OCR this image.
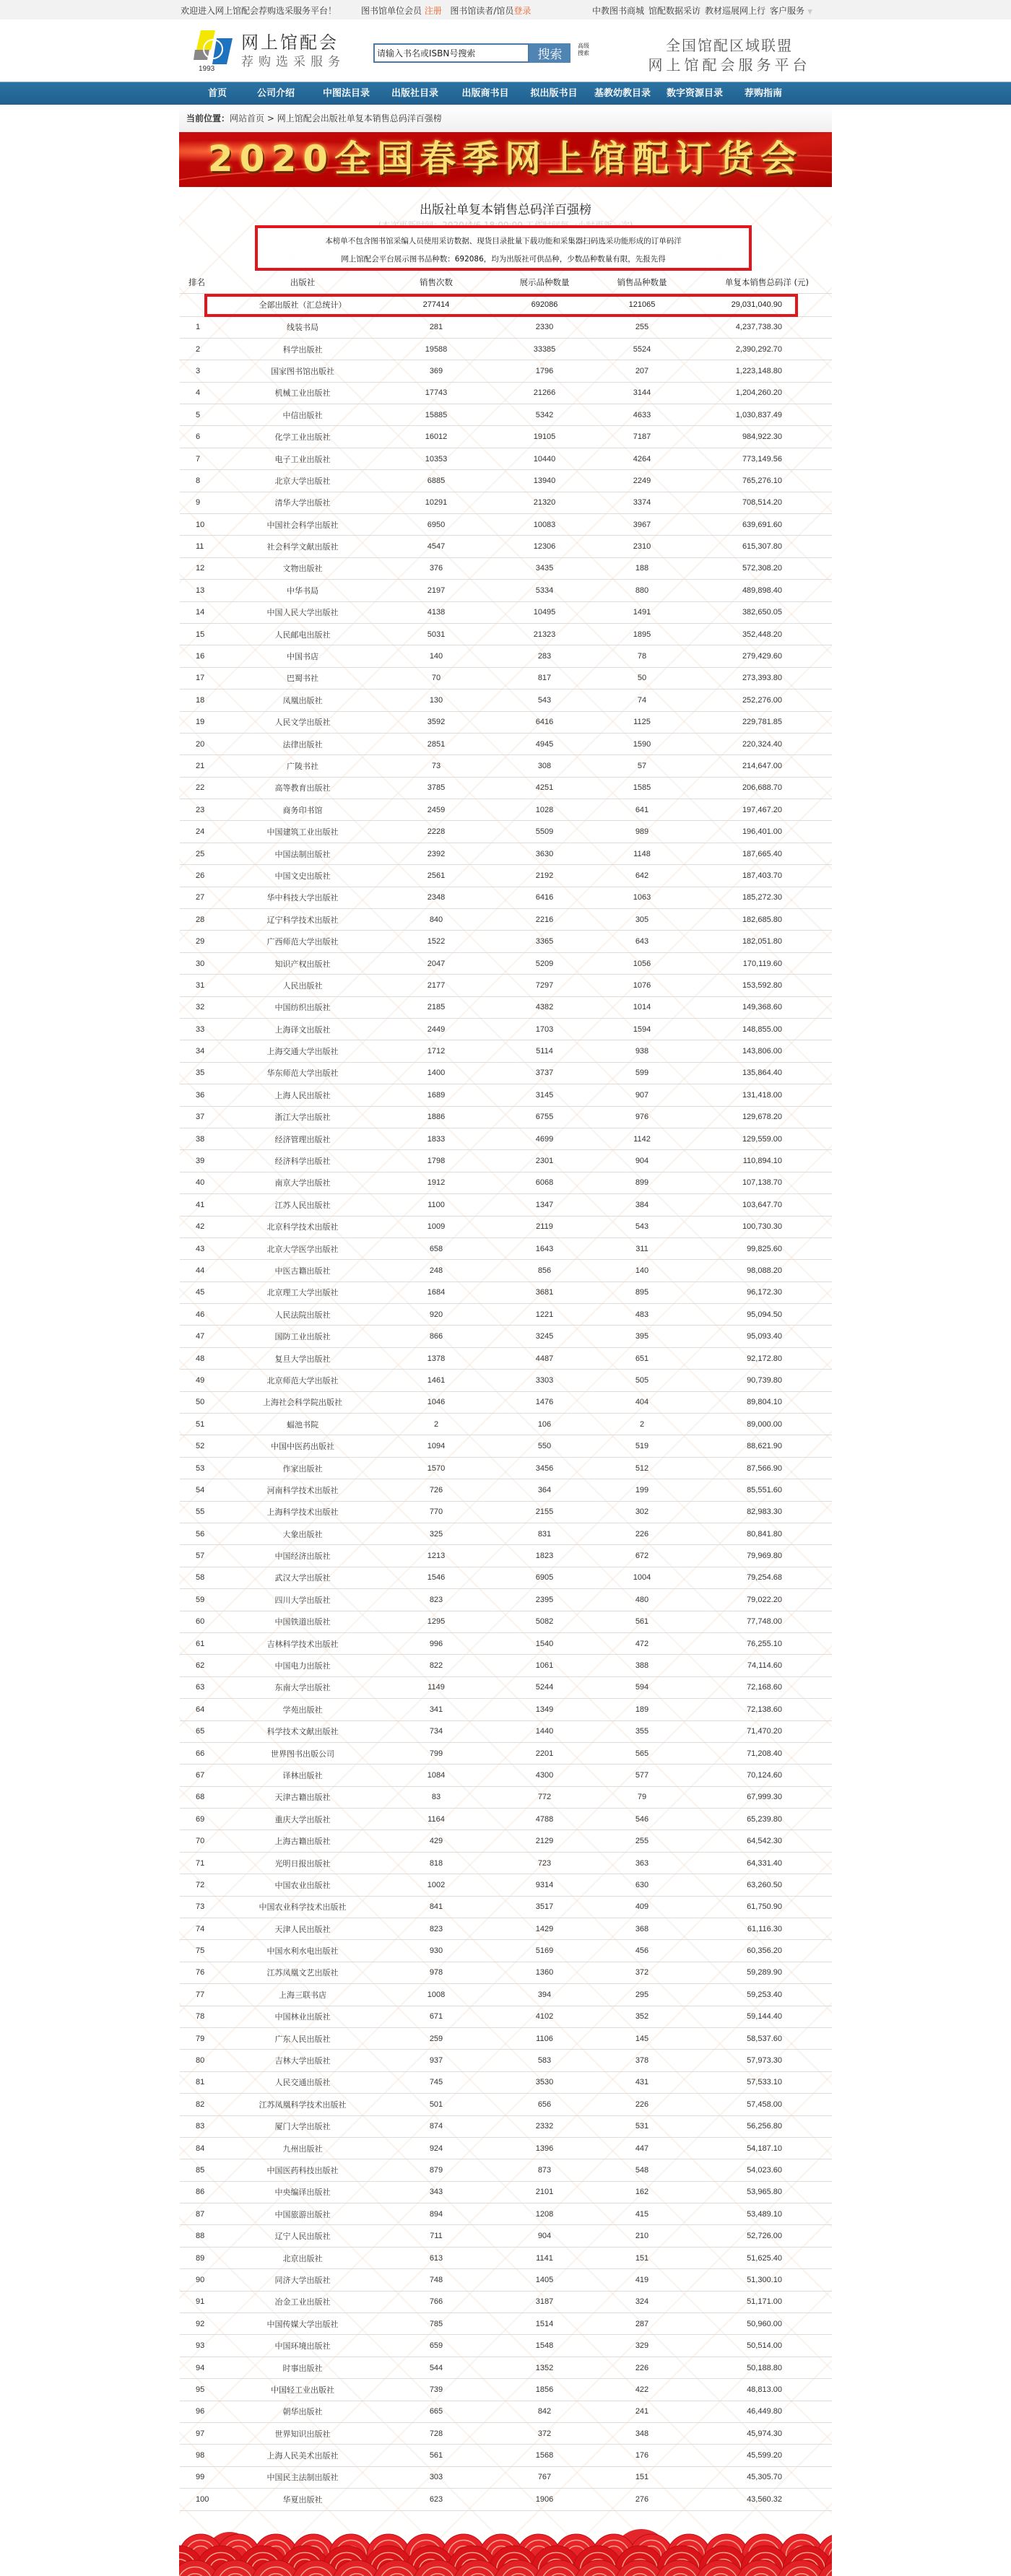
欢迎进入网上馆配会荐购选采服务平台！	图书馆单位会员 注册 图书馆读者/馆员登录	中教图书商城 馆配数据采访 教材巡展网上行 客户服务 ▼
1993
网上馆配会
荐购选采服务
请输入书名或ISBN号搜索	搜索
高级搜索	全国馆配区域联盟
网上馆配会服务平台
首页	公司介绍	中图法目录	出版社目录	出版商书目	拟出版书目	基教幼教目录	数字资源目录	荐购指南
当前位置：网站首页 > 网上馆配会出版社单复本销售总码洋百强榜
2020全国春季网上馆配订货会
出版社单复本销售总码洋百强榜

本榜单不包含图书馆采编人员使用采访数据、现货目录批量下载功能和采集器扫码选采功能形成的订单码洋

网上馆配会平台展示图书品种数：692086，均为出版社可供品种，少数品种数量有限，先报先得

排名	出版社	销售次数	展示品种数量	销售品种数量	单复本销售总码洋 (元)
	全部出版社（汇总统计）	277414	692086	121065	29,031,040.90
1	线装书局	281	2330	255	4,237,738.30
2	科学出版社	19588	33385	5524	2,390,292.70
3	国家图书馆出版社	369	1796	207	1,223,148.80
4	机械工业出版社	17743	21266	3144	1,204,260.20
5	中信出版社	15885	5342	4633	1,030,837.49
6	化学工业出版社	16012	19105	7187	984,922.30
7	电子工业出版社	10353	10440	4264	773,149.56
8	北京大学出版社	6885	13940	2249	765,276.10
9	清华大学出版社	10291	21320	3374	708,514.20
10	中国社会科学出版社	6950	10083	3967	639,691.60
11	社会科学文献出版社	4547	12306	2310	615,307.80
12	文物出版社	376	3435	188	572,308.20
13	中华书局	2197	5334	880	489,898.40
14	中国人民大学出版社	4138	10495	1491	382,650.05
15	人民邮电出版社	5031	21323	1895	352,448.20
16	中国书店	140	283	78	279,429.60
17	巴蜀书社	70	817	50	273,393.80
18	凤凰出版社	130	543	74	252,276.00
19	人民文学出版社	3592	6416	1125	229,781.85
20	法律出版社	2851	4945	1590	220,324.40
21	广陵书社	73	308	57	214,647.00
22	高等教育出版社	3785	4251	1585	206,688.70
23	商务印书馆	2459	1028	641	197,467.20
24	中国建筑工业出版社	2228	5509	989	196,401.00
25	中国法制出版社	2392	3630	1148	187,665.40
26	中国文史出版社	2561	2192	642	187,403.70
27	华中科技大学出版社	2348	6416	1063	185,272.30
28	辽宁科学技术出版社	840	2216	305	182,685.80
29	广西师范大学出版社	1522	3365	643	182,051.80
30	知识产权出版社	2047	5209	1056	170,119.60
31	人民出版社	2177	7297	1076	153,592.80
32	中国纺织出版社	2185	4382	1014	149,368.60
33	上海译文出版社	2449	1703	1594	148,855.00
34	上海交通大学出版社	1712	5114	938	143,806.00
35	华东师范大学出版社	1400	3737	599	135,864.40
36	上海人民出版社	1689	3145	907	131,418.00
37	浙江大学出版社	1886	6755	976	129,678.20
38	经济管理出版社	1833	4699	1142	129,559.00
39	经济科学出版社	1798	2301	904	110,894.10
40	南京大学出版社	1912	6068	899	107,138.70
41	江苏人民出版社	1100	1347	384	103,647.70
42	北京科学技术出版社	1009	2119	543	100,730.30
43	北京大学医学出版社	658	1643	311	99,825.60
44	中医古籍出版社	248	856	140	98,088.20
45	北京理工大学出版社	1684	3681	895	96,172.30
46	人民法院出版社	920	1221	483	95,094.50
47	国防工业出版社	866	3245	395	95,093.40
48	复旦大学出版社	1378	4487	651	92,172.80
49	北京师范大学出版社	1461	3303	505	90,739.80
50	上海社会科学院出版社	1046	1476	404	89,804.10
51	蝠池书院	2	106	2	89,000.00
52	中国中医药出版社	1094	550	519	88,621.90
53	作家出版社	1570	3456	512	87,566.90
54	河南科学技术出版社	726	364	199	85,551.60
55	上海科学技术出版社	770	2155	302	82,983.30
56	大象出版社	325	831	226	80,841.80
57	中国经济出版社	1213	1823	672	79,969.80
58	武汉大学出版社	1546	6905	1004	79,254.68
59	四川大学出版社	823	2395	480	79,022.20
60	中国铁道出版社	1295	5082	561	77,748.00
61	吉林科学技术出版社	996	1540	472	76,255.10
62	中国电力出版社	822	1061	388	74,114.60
63	东南大学出版社	1149	5244	594	72,168.60
64	学苑出版社	341	1349	189	72,138.60
65	科学技术文献出版社	734	1440	355	71,470.20
66	世界图书出版公司	799	2201	565	71,208.40
67	译林出版社	1084	4300	577	70,124.60
68	天津古籍出版社	83	772	79	67,999.30
69	重庆大学出版社	1164	4788	546	65,239.80
70	上海古籍出版社	429	2129	255	64,542.30
71	光明日报出版社	818	723	363	64,331.40
72	中国农业出版社	1002	9314	630	63,260.50
73	中国农业科学技术出版社	841	3517	409	61,750.90
74	天津人民出版社	823	1429	368	61,116.30
75	中国水利水电出版社	930	5169	456	60,356.20
76	江苏凤凰文艺出版社	978	1360	372	59,289.90
77	上海三联书店	1008	394	295	59,253.40
78	中国林业出版社	671	4102	352	59,144.40
79	广东人民出版社	259	1106	145	58,537.60
80	吉林大学出版社	937	583	378	57,973.30
81	人民交通出版社	745	3530	431	57,533.10
82	江苏凤凰科学技术出版社	501	656	226	57,458.00
83	厦门大学出版社	874	2332	531	56,256.80
84	九州出版社	924	1396	447	54,187.10
85	中国医药科技出版社	879	873	548	54,023.60
86	中央编译出版社	343	2101	162	53,965.80
87	中国旅游出版社	894	1208	415	53,489.10
88	辽宁人民出版社	711	904	210	52,726.00
89	北京出版社	613	1141	151	51,625.40
90	同济大学出版社	748	1405	419	51,300.10
91	冶金工业出版社	766	3187	324	51,171.00
92	中国传媒大学出版社	785	1514	287	50,960.00
93	中国环境出版社	659	1548	329	50,514.00
94	时事出版社	544	1352	226	50,188.80
95	中国轻工业出版社	739	1856	422	48,813.00
96	朝华出版社	665	842	241	46,449.80
97	世界知识出版社	728	372	348	45,974.30
98	上海人民美术出版社	561	1568	176	45,599.20
99	中国民主法制出版社	303	767	151	45,305.70
100	华夏出版社	623	1906	276	43,560.32
